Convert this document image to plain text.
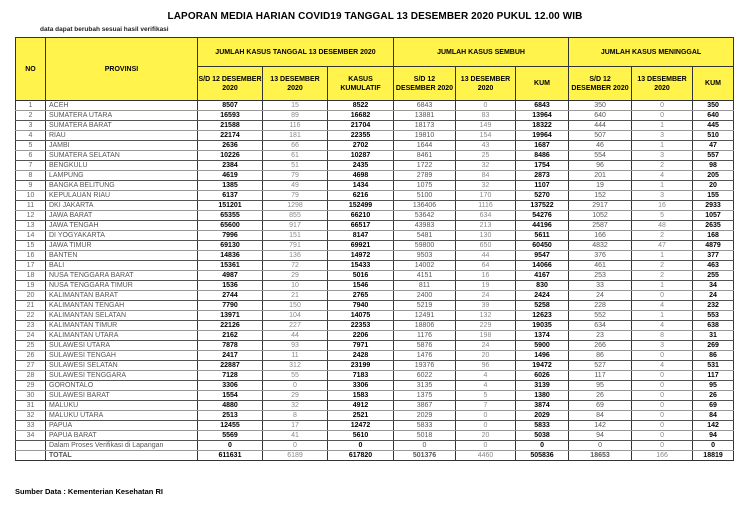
LAPORAN MEDIA HARIAN COVID19 TANGGAL 13 DESEMBER 2020 PUKUL 12.00 WIB
data dapat berubah sesuai hasil verifikasi
NO	PROVINSI	JUMLAH KASUS TANGGAL 13 DESEMBER 2020			JUMLAH KASUS SEMBUH			JUMLAH KASUS MENINGGAL		
		S/D 12 DESEMBER 2020	13 DESEMBER 2020	KASUS KUMULATIF	S/D 12 DESEMBER 2020	13 DESEMBER 2020	KUM	S/D 12 DESEMBER 2020	13 DESEMBER 2020	KUM
1	ACEH	8507	15	8522	6843	0	6843	350	0	350
2	SUMATERA UTARA	16593	89	16682	13881	83	13964	640	0	640
3	SUMATERA BARAT	21588	116	21704	18173	149	18322	444	1	445
4	RIAU	22174	181	22355	19810	154	19964	507	3	510
5	JAMBI	2636	66	2702	1644	43	1687	46	1	47
6	SUMATERA SELATAN	10226	61	10287	8461	25	8486	554	3	557
7	BENGKULU	2384	51	2435	1722	32	1754	96	2	98
8	LAMPUNG	4619	79	4698	2789	84	2873	201	4	205
9	BANGKA BELITUNG	1385	49	1434	1075	32	1107	19	1	20
10	KEPULAUAN RIAU	6137	79	6216	5100	170	5270	152	3	155
11	DKI JAKARTA	151201	1298	152499	136406	1116	137522	2917	16	2933
12	JAWA BARAT	65355	855	66210	53642	634	54276	1052	5	1057
13	JAWA TENGAH	65600	917	66517	43983	213	44196	2587	48	2635
14	DI YOGYAKARTA	7996	151	8147	5481	130	5611	166	2	168
15	JAWA TIMUR	69130	791	69921	59800	650	60450	4832	47	4879
16	BANTEN	14836	136	14972	9503	44	9547	376	1	377
17	BALI	15361	72	15433	14002	64	14066	461	2	463
18	NUSA TENGGARA BARAT	4987	29	5016	4151	16	4167	253	2	255
19	NUSA TENGGARA TIMUR	1536	10	1546	811	19	830	33	1	34
20	KALIMANTAN BARAT	2744	21	2765	2400	24	2424	24	0	24
21	KALIMANTAN TENGAH	7790	150	7940	5219	39	5258	228	4	232
22	KALIMANTAN SELATAN	13971	104	14075	12491	132	12623	552	1	553
23	KALIMANTAN TIMUR	22126	227	22353	18806	229	19035	634	4	638
24	KALIMANTAN UTARA	2162	44	2206	1176	198	1374	23	8	31
25	SULAWESI UTARA	7878	93	7971	5876	24	5900	266	3	269
26	SULAWESI TENGAH	2417	11	2428	1476	20	1496	86	0	86
27	SULAWESI SELATAN	22887	312	23199	19376	96	19472	527	4	531
28	SULAWESI TENGGARA	7128	55	7183	6022	4	6026	117	0	117
29	GORONTALO	3306	0	3306	3135	4	3139	95	0	95
30	SULAWESI BARAT	1554	29	1583	1375	5	1380	26	0	26
31	MALUKU	4880	32	4912	3867	7	3874	69	0	69
32	MALUKU UTARA	2513	8	2521	2029	0	2029	84	0	84
33	PAPUA	12455	17	12472	5833	0	5833	142	0	142
34	PAPUA BARAT	5569	41	5610	5018	20	5038	94	0	94
	Dalam Proses Verifikasi di Lapangan	0	0	0	0	0	0	0	0	0
	TOTAL	611631	6189	617820	501376	4460	505836	18653	166	18819
Sumber Data : Kementerian Kesehatan RI
